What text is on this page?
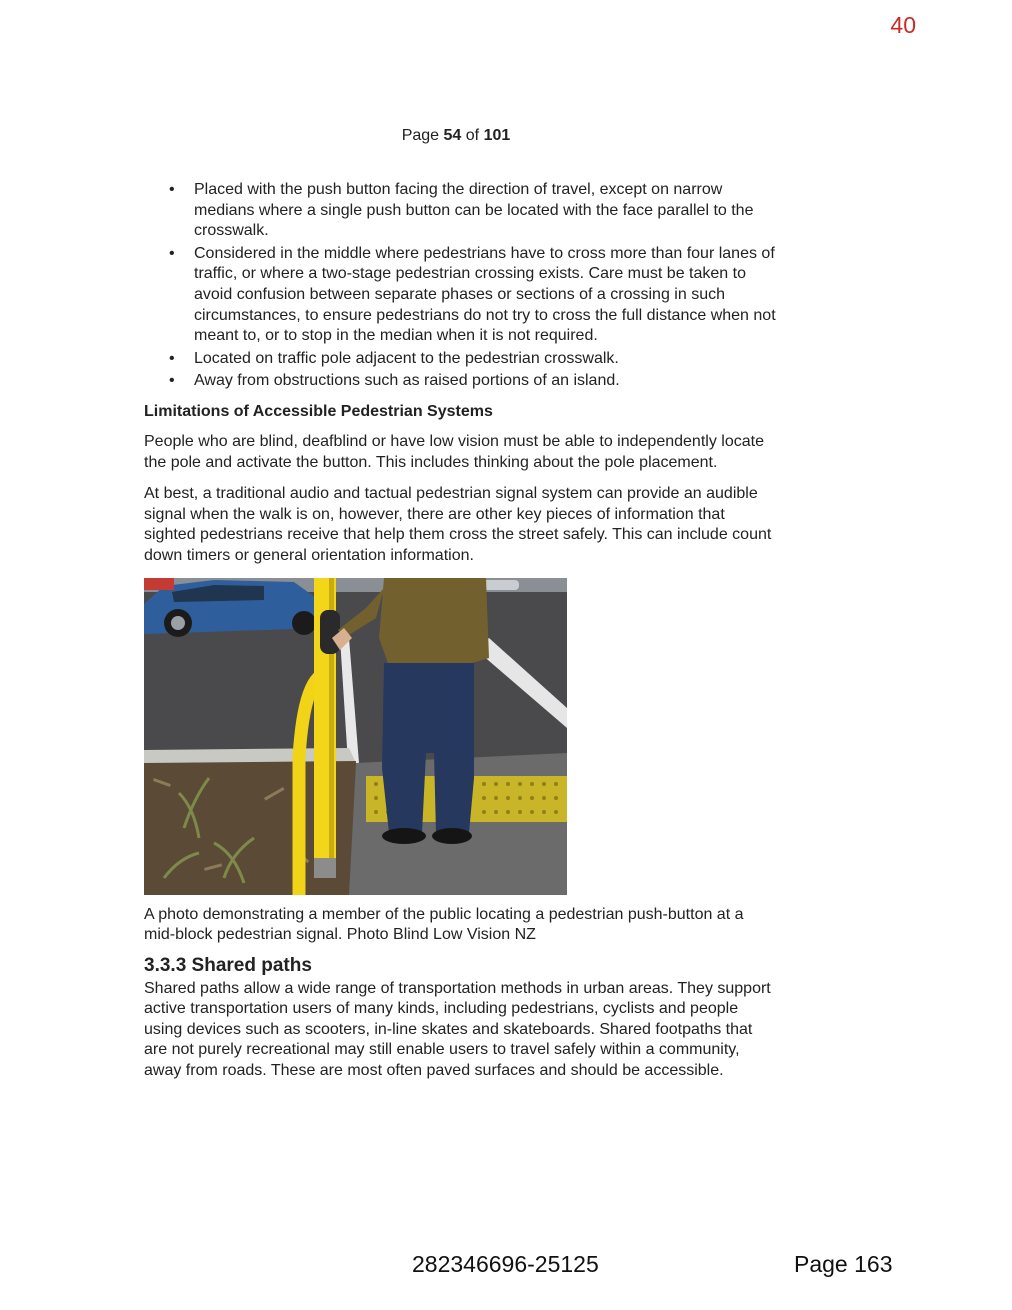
40
Page 54 of 101
• Placed with the push button facing the direction of travel, except on narrow medians where a single push button can be located with the face parallel to the crosswalk.
• Considered in the middle where pedestrians have to cross more than four lanes of traffic, or where a two-stage pedestrian crossing exists. Care must be taken to avoid confusion between separate phases or sections of a crossing in such circumstances, to ensure pedestrians do not try to cross the full distance when not meant to, or to stop in the median when it is not required.
• Located on traffic pole adjacent to the pedestrian crosswalk.
• Away from obstructions such as raised portions of an island.
Limitations of Accessible Pedestrian Systems

People who are blind, deafblind or have low vision must be able to independently locate the pole and activate the button. This includes thinking about the pole placement.

At best, a traditional audio and tactual pedestrian signal system can provide an audible signal when the walk is on, however, there are other key pieces of information that sighted pedestrians receive that help them cross the street safely. This can include count down timers or general orientation information.

A photo demonstrating a member of the public locating a pedestrian push-button at a mid-block pedestrian signal. Photo Blind Low Vision NZ

3.3.3 Shared paths

Shared paths allow a wide range of transportation methods in urban areas. They support active transportation users of many kinds, including pedestrians, cyclists and people using devices such as scooters, in-line skates and skateboards. Shared footpaths that are not purely recreational may still enable users to travel safely within a community, away from roads. These are most often paved surfaces and should be accessible.

282346696-25125	Page 163
